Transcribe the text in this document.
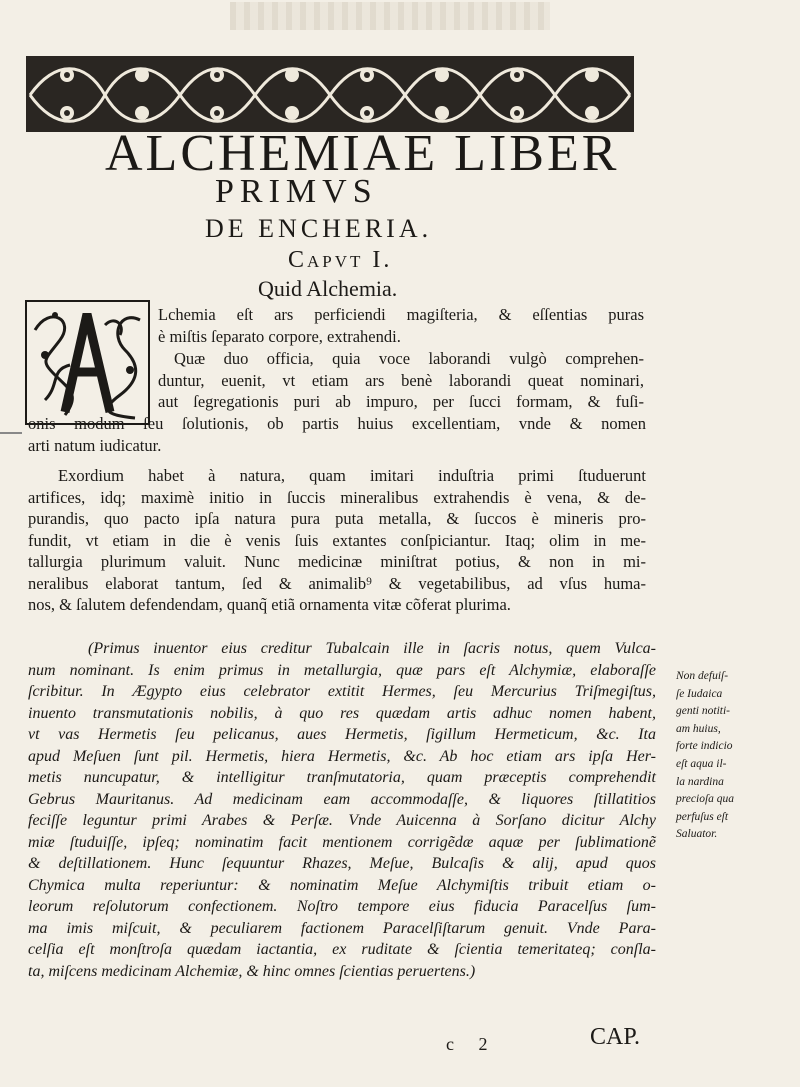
ALCHEMIAE LIBER
PRIMVS
DE ENCHERIA.
Capvt I.
Quid Alchemia.
Lchemia eſt ars perficiendi magiſteria, & eſſentias puras
è miſtis ſeparato corpore, extrahendi.
Quæ duo officia, quia voce laborandi vulgò comprehen-
duntur, euenit, vt etiam ars benè laborandi queat nominari,
aut ſegregationis puri ab impuro, per ſucci formam, & fuſi-
onis modum ſeu ſolutionis, ob partis huius excellentiam, vnde & nomen
arti natum iudicatur.
Exordium habet à natura, quam imitari induſtria primi ſtuduerunt
artifices, idq; maximè initio in ſuccis mineralibus extrahendis è vena, & de-
purandis, quo pacto ipſa natura pura puta metalla, & ſuccos è mineris pro-
fundit, vt etiam in die è venis ſuis extantes conſpiciantur. Itaq; olim in me-
tallurgia plurimum valuit. Nunc medicinæ miniſtrat potius, & non in mi-
neralibus elaborat tantum, ſed & animalib⁹ & vegetabilibus, ad vſus huma-
nos, & ſalutem defendendam, quanq̃ etiã ornamenta vitæ cõferat plurima.
(Primus inuentor eius creditur Tubalcain ille in ſacris notus, quem Vulca-
num nominant. Is enim primus in metallurgia, quæ pars eſt Alchymiæ, elaboraſſe
ſcribitur. In Ægypto eius celebrator extitit Hermes, ſeu Mercurius Triſmegiſtus,
inuento transmutationis nobilis, à quo res quædam artis adhuc nomen habent,
vt vas Hermetis ſeu pelicanus, aues Hermetis, ſigillum Hermeticum, &c. Ita
apud Meſuen ſunt pil. Hermetis, hiera Hermetis, &c. Ab hoc etiam ars ipſa Her-
metis nuncupatur, & intelligitur tranſmutatoria, quam præceptis comprehendit
Gebrus Mauritanus. Ad medicinam eam accommodaſſe, & liquores ſtillatitios
feciſſe leguntur primi Arabes & Perſæ. Vnde Auicenna à Sorſano dicitur Alchy
miæ ſtuduiſſe, ipſeq; nominatim facit mentionem corrigẽdæ aquæ per ſublimationẽ
& deſtillationem. Hunc ſequuntur Rhazes, Meſue, Bulcaſis & alij, apud quos
Chymica multa reperiuntur: & nominatim Meſue Alchymiſtis tribuit etiam o-
leorum reſolutorum confectionem. Noſtro tempore eius fiducia Paracelſus ſum-
ma imis miſcuit, & peculiarem factionem Paracelſiſtarum genuit. Vnde Para-
celſia eſt monſtroſa quædam iactantia, ex ruditate & ſcientia temeritateq; conſla-
ta, miſcens medicinam Alchemiæ, & hinc omnes ſcientias peruertens.)
Non defuiſ-
ſe Iudaica
genti notiti-
am huius,
forte indicio
eſt aqua il-
la nardina
precioſa qua
perfuſus eſt
Saluator.
c 2	CAP.
